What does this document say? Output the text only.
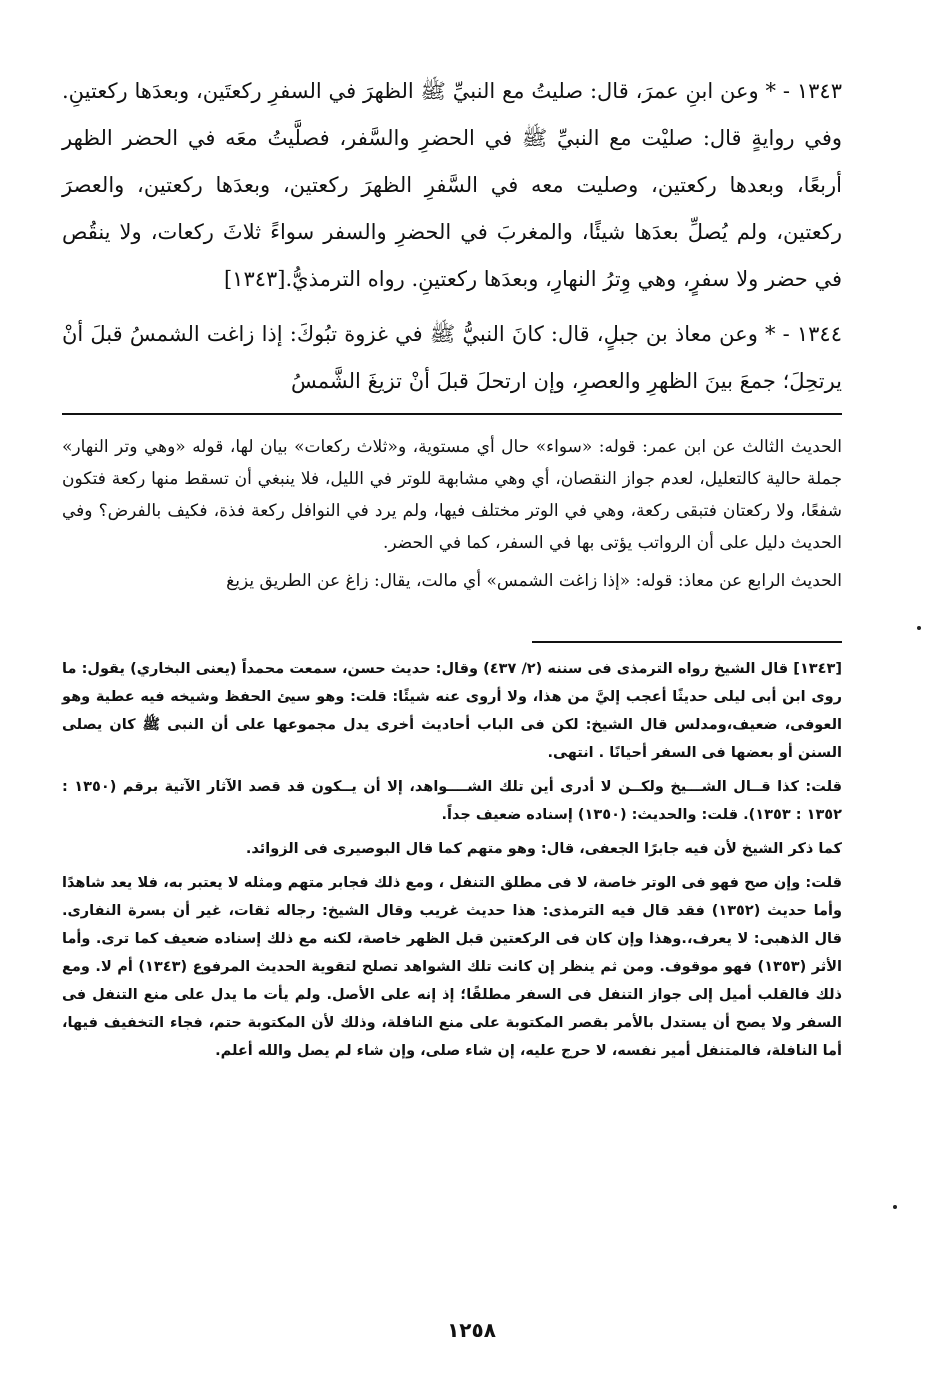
١٣٤٣ - * وعن ابنِ عمرَ، قال: صليتُ مع النبيِّ ﷺ الظهرَ في السفرِ ركعتَين، وبعدَها ركعتينِ. وفي روايةٍ قال: صليْت مع النبيِّ ﷺ في الحضرِ والسَّفر، فصلَّيتُ معَه في الحضر الظهر أربعًا، وبعدها ركعتين، وصليت معه في السَّفرِ الظهرَ ركعتين، وبعدَها ركعتين، والعصرَ ركعتين، ولم يُصلِّ بعدَها شيئًا، والمغربَ في الحضرِ والسفر سواءً ثلاثَ ركعات، ولا ينقُص في حضر ولا سفرٍ، وهي وِترُ النهارِ، وبعدَها ركعتينِ. رواه الترمذيُّ.[١٣٤٣]

١٣٤٤ - * وعن معاذ بن جبلٍ، قال: كانَ النبيُّ ﷺ في غزوة تبُوكَ: إذا زاغت الشمسُ قبلَ أنْ يرتحِلَ؛ جمعَ بينَ الظهرِ والعصرِ، وإن ارتحلَ قبلَ أنْ تزيغَ الشَّمسُ

الحديث الثالث عن ابن عمر: قوله: «سواء» حال أي مستوية، و«ثلاث ركعات» بيان لها، قوله «وهي وتر النهار» جملة حالية كالتعليل، لعدم جواز النقصان، أي وهي مشابهة للوتر في الليل، فلا ينبغي أن تسقط منها ركعة فتكون شفعًا، ولا ركعتان فتبقى ركعة، وهي في الوتر مختلف فيها، ولم يرد في النوافل ركعة فذة، فكيف بالفرض؟ وفي الحديث دليل على أن الرواتب يؤتى بها في السفر، كما في الحضر.

الحديث الرابع عن معاذ: قوله: «إذا زاغت الشمس» أي مالت، يقال: زاغ عن الطريق يزيغ

[١٣٤٣] قال الشيخ رواه الترمذى فى سننه (٢/ ٤٣٧) وقال: حديث حسن، سمعت محمداً (يعنى البخاري) يقول: ما روى ابن أبى ليلى حديثًا أعجب إليَّ من هذا، ولا أروى عنه شيئًا: قلت: وهو سيئ الحفظ وشيخه فيه عطية وهو العوفى، ضعيف،ومدلس قال الشيخ: لكن فى الباب أحاديث أخرى يدل مجموعها على أن النبى ﷺ كان يصلى السنن أو بعضها فى السفر أحيانًا . انتهى.

قلت: كذا قــال الشـــيخ ولكــن لا أدرى أين تلك الشــــواهد، إلا أن يــكون قد قصد الآثار الآتية برقم (١٣٥٠ : ١٣٥٢ : ١٣٥٣). قلت: والحديث: (١٣٥٠) إسناده ضعيف جداً.

كما ذكر الشيخ لأن فيه جابرًا الجعفى، قال: وهو متهم كما قال البوصيرى فى الزوائد.

قلت: وإن صح فهو فى الوتر خاصة، لا فى مطلق التنفل ، ومع ذلك فجابر متهم ومثله لا يعتبر به، فلا يعد شاهدًا وأما حديث (١٣٥٢) فقد قال فيه الترمذى: هذا حديث غريب وقال الشيخ: رجاله ثقات، غير أن بسرة النفارى. قال الذهبى: لا يعرف،.وهذا وإن كان فى الركعتين قبل الظهر خاصة، لكنه مع ذلك إسناده ضعيف كما ترى. وأما الأثر (١٣٥٣) فهو موقوف. ومن ثم ينظر إن كانت تلك الشواهد تصلح لتقوية الحديث المرفوع (١٣٤٣) أم لا. ومع ذلك فالقلب أميل إلى جواز التنفل فى السفر مطلقًا؛ إذ إنه على الأصل. ولم يأت ما يدل على منع التنفل فى السفر ولا يصح أن يستدل بالأمر بقصر المكتوبة على منع النافلة، وذلك لأن المكتوبة حتم، فجاء التخفيف فيها، أما النافلة، فالمتنفل أمير نفسه، لا حرج عليه، إن شاء صلى، وإن شاء لم يصل والله أعلم.

١٢٥٨
